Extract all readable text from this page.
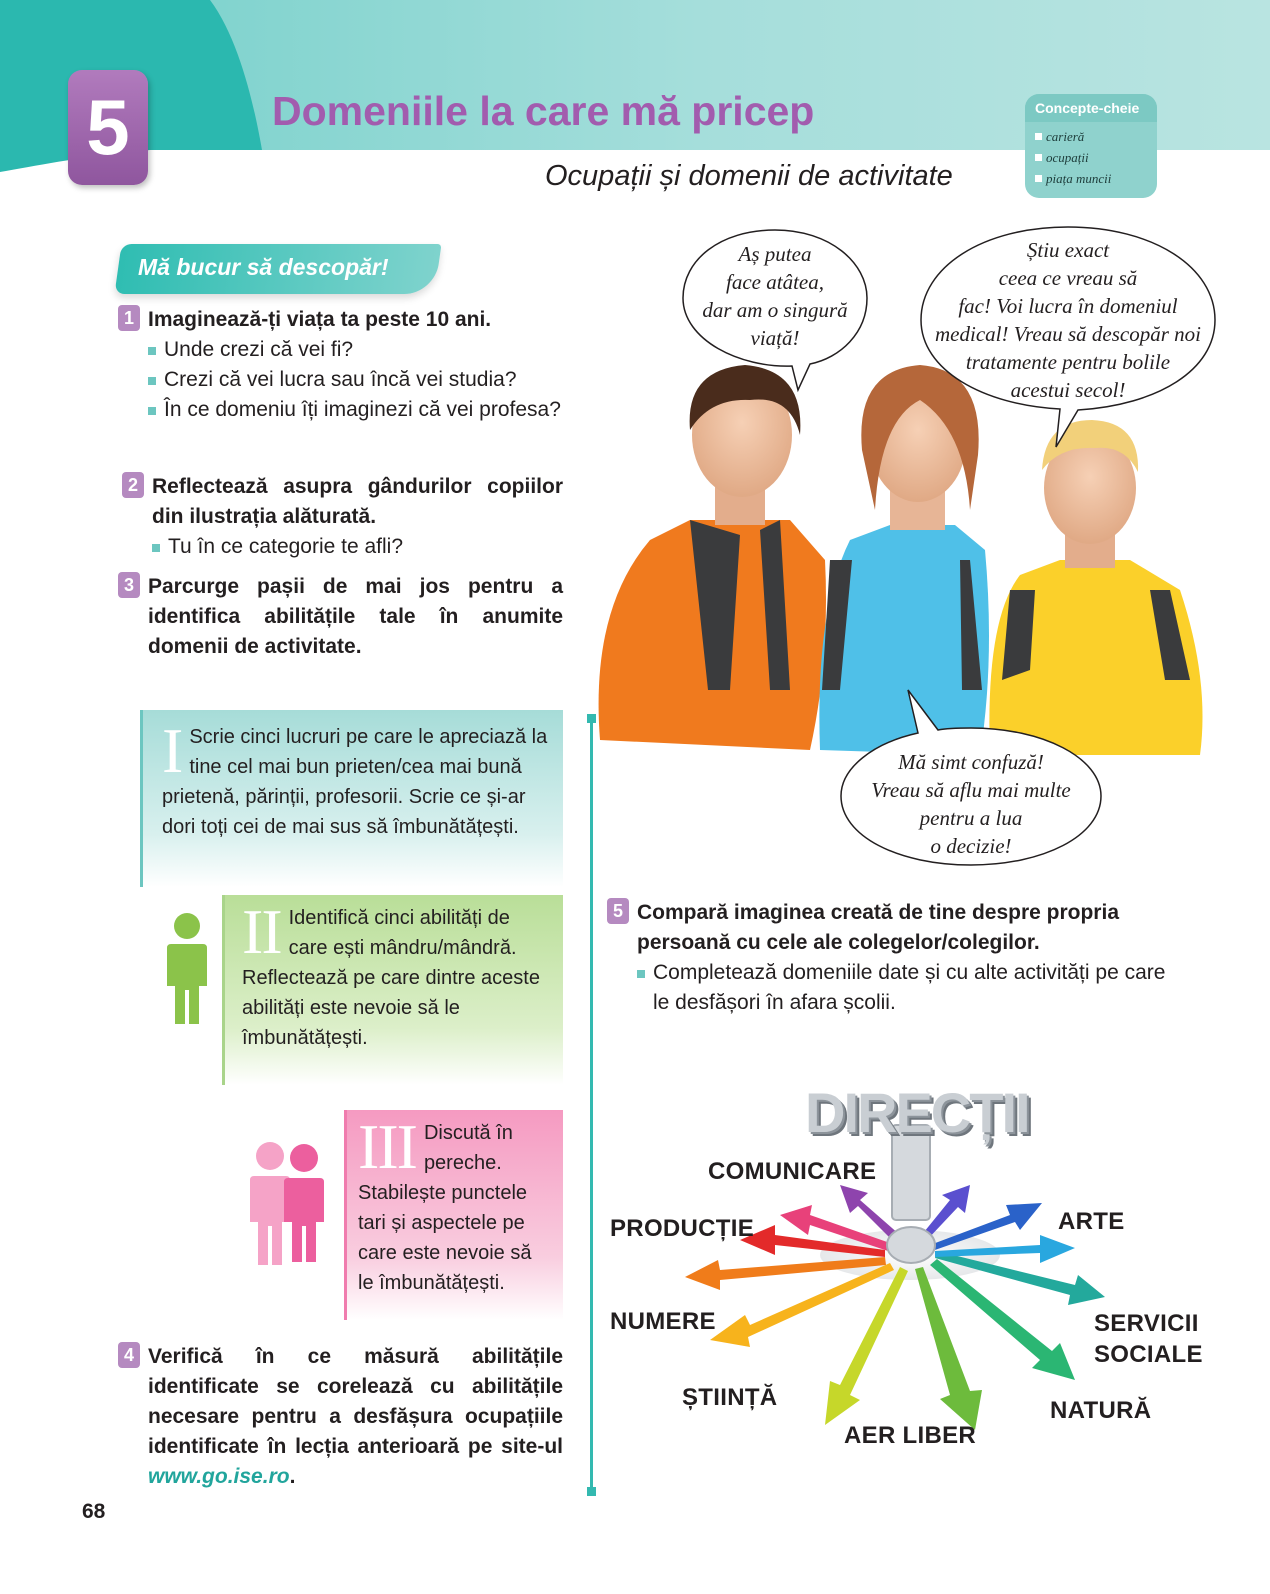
5	Domeniile la care mă pricep
Ocupații și domenii de activitate
Concepte-cheie
carieră
ocupații
piața muncii
Mă bucur să descopăr!
1 Imaginează-ți viața ta peste 10 ani.
Unde crezi că vei fi?
Crezi că vei lucra sau încă vei studia?
În ce domeniu îți imaginezi că vei profesa?
2 Reflectează asupra gândurilor copiilor din ilustrația alăturată.
Tu în ce categorie te afli?
3 Parcurge pașii de mai jos pentru a identifica abilitățile tale în anumite domenii de activitate.
I Scrie cinci lucruri pe care le apreciază la tine cel mai bun prieten/cea mai bună prietenă, părinții, profesorii. Scrie ce și-ar dori toți cei de mai sus să îmbunătățești.
II Identifică cinci abilități de care ești mândru/mândră. Reflectează pe care dintre aceste abilități este nevoie să le îmbunătățești.
III Discută în pereche. Stabilește punctele tari și aspectele pe care este nevoie să le îmbunătățești.
4 Verifică în ce măsură abilitățile identificate se corelează cu abilitățile necesare pentru a desfășura ocupațiile identificate în lecția anterioară pe site-ul www.go.ise.ro.
68
Aș putea
face atâtea,
dar am o singură
viață!
Știu exact
ceea ce vreau să
fac! Voi lucra în domeniul
medical! Vreau să descopăr noi
tratamente pentru bolile
acestui secol!
Mă simt confuză!
Vreau să aflu mai multe
pentru a lua
o decizie!
5 Compară imaginea creată de tine despre propria persoană cu cele ale colegelor/colegilor.
Completează domeniile date și cu alte activități pe care le desfășori în afara școlii.
DIRECȚII
COMUNICARE
PRODUCȚIE	ARTE
NUMERE	SERVICII
SOCIALE
ȘTIINȚĂ	NATURĂ
AER LIBER
